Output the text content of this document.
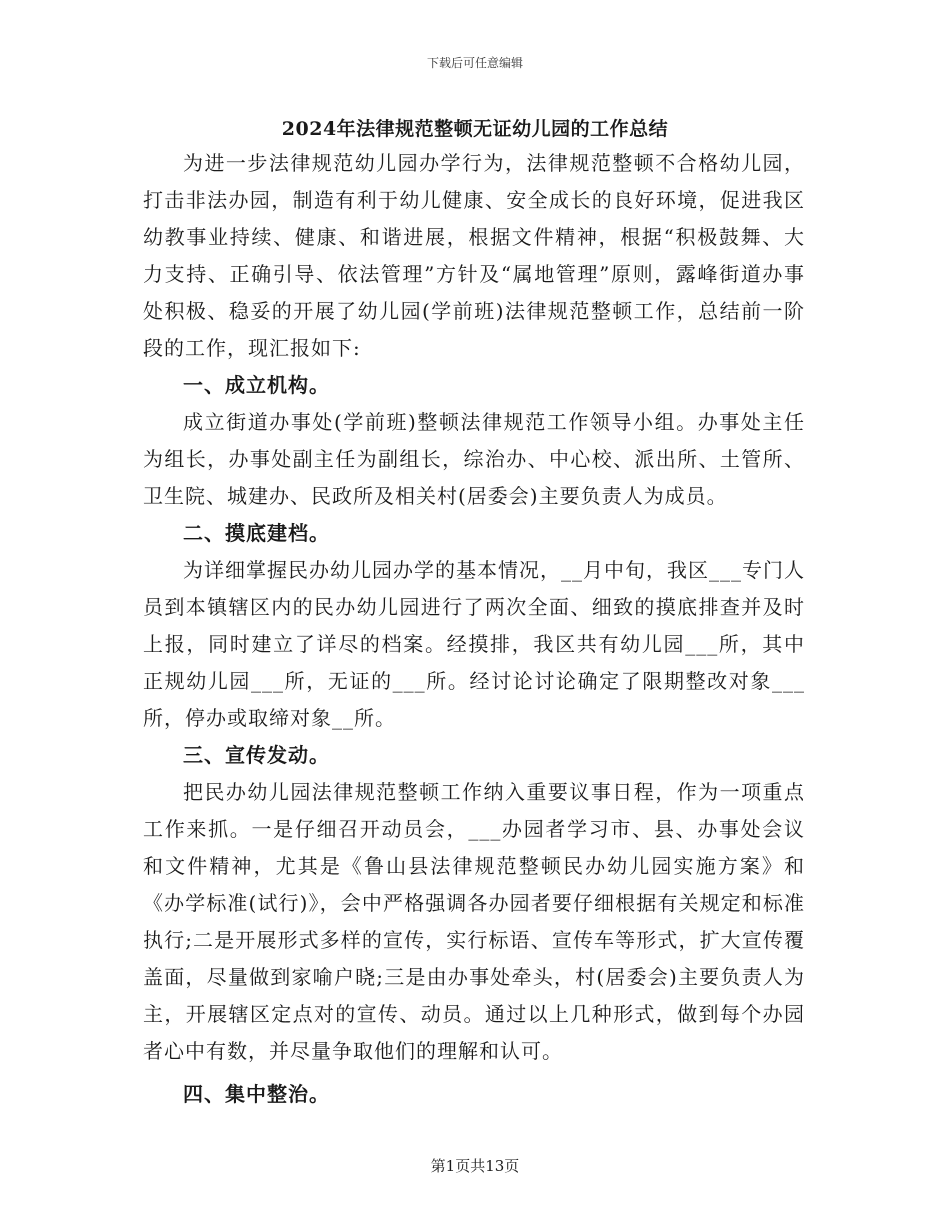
下载后可任意编辑
2024年法律规范整顿无证幼儿园的工作总结

为进一步法律规范幼儿园办学行为，法律规范整顿不合格幼儿园，打击非法办园，制造有利于幼儿健康、安全成长的良好环境，促进我区幼教事业持续、健康、和谐进展，根据文件精神，根据“积极鼓舞、大力支持、正确引导、依法管理”方针及“属地管理”原则，露峰街道办事处积极、稳妥的开展了幼儿园(学前班)法律规范整顿工作，总结前一阶段的工作，现汇报如下:

一、成立机构。

成立街道办事处(学前班)整顿法律规范工作领导小组。办事处主任为组长，办事处副主任为副组长，综治办、中心校、派出所、土管所、卫生院、城建办、民政所及相关村(居委会)主要负责人为成员。

二、摸底建档。

为详细掌握民办幼儿园办学的基本情况，__月中旬，我区___专门人员到本镇辖区内的民办幼儿园进行了两次全面、细致的摸底排查并及时上报，同时建立了详尽的档案。经摸排，我区共有幼儿园___所，其中正规幼儿园___所，无证的___所。经讨论讨论确定了限期整改对象___所，停办或取缔对象__所。

三、宣传发动。

把民办幼儿园法律规范整顿工作纳入重要议事日程，作为一项重点工作来抓。一是仔细召开动员会，___办园者学习市、县、办事处会议和文件精神，尤其是《鲁山县法律规范整顿民办幼儿园实施方案》和《办学标准(试行)》，会中严格强调各办园者要仔细根据有关规定和标准执行;二是开展形式多样的宣传，实行标语、宣传车等形式，扩大宣传覆盖面，尽量做到家喻户晓;三是由办事处牵头，村(居委会)主要负责人为主，开展辖区定点对的宣传、动员。通过以上几种形式，做到每个办园者心中有数，并尽量争取他们的理解和认可。

四、集中整治。
第1页共13页
